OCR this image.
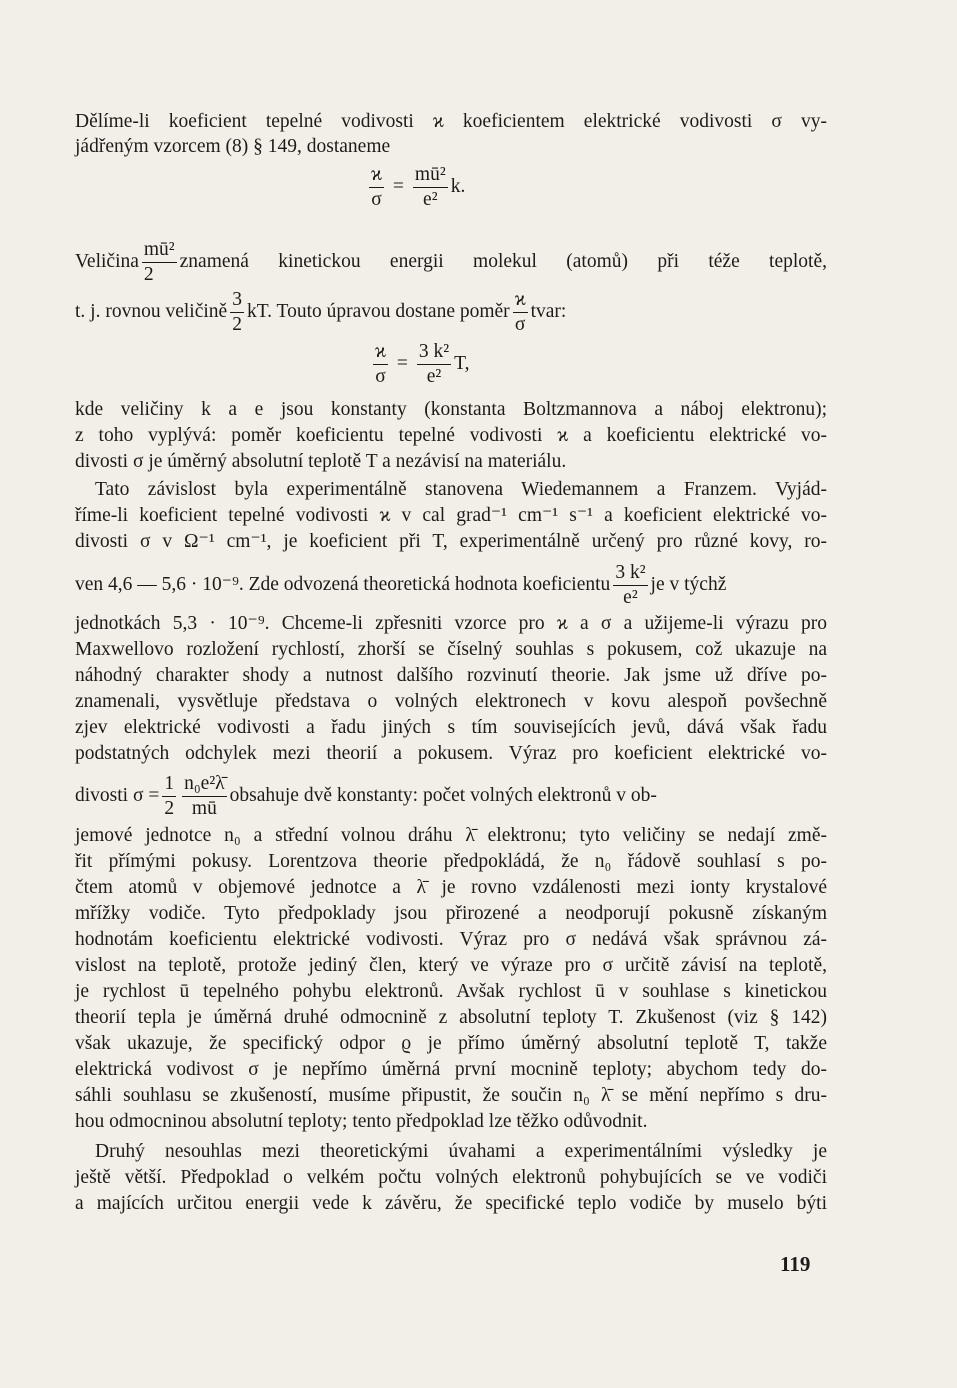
Dělíme-li koeficient tepelné vodivosti ϰ koeficientem elektrické vodivosti σ vy-
jádřeným vzorcem (8) § 149, dostaneme
$\frac{ϰ}{\sigma} = \frac{\text{mū²}}{\text{e²}} k$.
Veličina $\frac{\text{mū²}}{2}$ znamená kinetickou energii molekul (atomů) při téže teplotě,
t. j. rovnou veličině $\frac{3}{2}$ kT. Touto úpravou dostane poměr $\frac{ϰ}{\sigma}$ tvar:
$\frac{ϰ}{\sigma} = \frac{\text{3 k²}}{\text{e²}} T$,
kde veličiny k a e jsou konstanty (konstanta Boltzmannova a náboj elektronu);
z toho vyplývá: poměr koeficientu tepelné vodivosti ϰ a koeficientu elektrické vo-
divosti σ je úměrný absolutní teplotě T a nezávisí na materiálu.
Tato závislost byla experimentálně stanovena Wiedemannem a Franzem. Vyjád-
říme-li koeficient tepelné vodivosti ϰ v cal grad⁻¹ cm⁻¹ s⁻¹ a koeficient elektrické vo-
divosti σ v Ω⁻¹ cm⁻¹, je koeficient při T, experimentálně určený pro různé kovy, ro-
ven 4,6 — 5,6 · 10⁻⁹. Zde odvozená theoretická hodnota koeficientu $\frac{\text{3 k²}}{\text{e²}}$ je v týchž
jednotkách 5,3 · 10⁻⁹. Chceme-li zpřesniti vzorce pro ϰ a σ a užijeme-li výrazu pro
Maxwellovo rozložení rychlostí, zhorší se číselný souhlas s pokusem, což ukazuje na
náhodný charakter shody a nutnost dalšího rozvinutí theorie. Jak jsme už dříve po-
znamenali, vysvětluje představa o volných elektronech v kovu alespoň povšechně
zjev elektrické vodivosti a řadu jiných s tím souvisejících jevů, dává však řadu
podstatných odchylek mezi theorií a pokusem. Výraz pro koeficient elektrické vo-
divosti $\sigma = \frac{1}{2} \frac{\text{n₀e²λ̄}}{mū}$ obsahuje dvě konstanty: počet volných elektronů v ob-
jemové jednotce n₀ a střední volnou dráhu λ̄ elektronu; tyto veličiny se nedají změ-
řit přímými pokusy. Lorentzova theorie předpokládá, že n₀ řádově souhlasí s po-
čtem atomů v objemové jednotce a λ̄ je rovno vzdálenosti mezi ionty krystalové
mřížky vodiče. Tyto předpoklady jsou přirozené a neodporují pokusně získaným
hodnotám koeficientu elektrické vodivosti. Výraz pro σ nedává však správnou zá-
vislost na teplotě, protože jediný člen, který ve výraze pro σ určitě závisí na teplotě,
je rychlost ū tepelného pohybu elektronů. Avšak rychlost ū v souhlase s kinetickou
theorií tepla je úměrná druhé odmocnině z absolutní teploty T. Zkušenost (viz § 142)
však ukazuje, že specifický odpor ϱ je přímo úměrný absolutní teplotě T, takže
elektrická vodivost σ je nepřímo úměrná první mocnině teploty; abychom tedy do-
sáhli souhlasu se zkušeností, musíme připustit, že součin n₀ λ̄ se mění nepřímo s dru-
hou odmocninou absolutní teploty; tento předpoklad lze těžko odůvodnit.
Druhý nesouhlas mezi theoretickými úvahami a experimentálními výsledky je
ještě větší. Předpoklad o velkém počtu volných elektronů pohybujících se ve vodiči
a majících určitou energii vede k závěru, že specifické teplo vodiče by muselo býti
119
